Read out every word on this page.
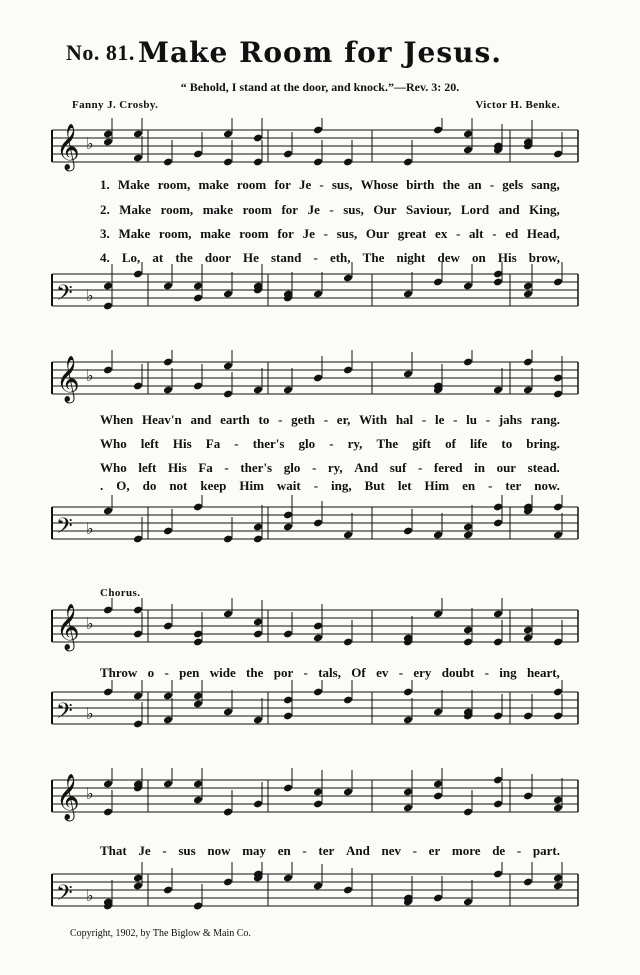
No. 81. Make Room for Jesus.
“ Behold, I stand at the door, and knock.”—Rev. 3: 20.
Fanny J. Crosby.	Victor H. Benke.
𝄞 ♭
1. Make room, make room for Je - sus, Whose birth the an - gels sang,
2. Make room, make room for Je - sus, Our Saviour, Lord and King,
3. Make room, make room for Je - sus, Our great ex - alt - ed Head,
4. Lo, at the door He stand - eth, The night dew on His brow,
𝄢 ♭
𝄞 ♭
When Heav'n and earth to - geth - er, With hal - le - lu - jahs rang.
Who left His Fa - ther's glo - ry, The gift of life to bring.
Who left His Fa - ther's glo - ry, And suf - fered in our stead.
. O, do not keep Him wait - ing, But let Him en - ter now.
𝄢 ♭
Chorus.
𝄞 ♭
Throw o - pen wide the por - tals, Of ev - ery doubt - ing heart,
𝄢 ♭
𝄞 ♭
That Je - sus now may en - ter And nev - er more de - part.
𝄢 ♭
Copyright, 1902, by The Biglow & Main Co.
